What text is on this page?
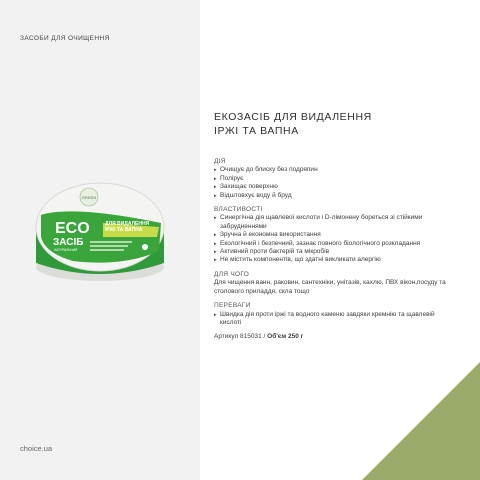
ЗАСОБИ ДЛЯ ОЧИЩЕННЯ
GREEN
ECO
ЗАСІБ
НАТУРАЛЬНИЙ
ДЛЯ ВИДАЛЕННЯ
ІРЖІ ТА ВАПНА
ЕКОЗАСІБ ДЛЯ ВИДАЛЕННЯ
ІРЖІ ТА ВАПНА
ДІЯ
▸ Очищує до блиску без подряпин
▸ Полірує
▸ Захищає поверхню
▸ Відштовхує воду й бруд
ВЛАСТИВОСТІ
▸ Синергічна дія щавлевої кислоти і D-лімонену бореться зі стійкими забрудненнями
▸ Зручна й економна використання
▸ Екологічний і безпечний, зазнає повного біологічного розкладання
▸ Активний проти бактерій та мікробів
▸ Не містить компонентів, що здатні викликати алергію
ДЛЯ ЧОГО
Для чищення ванн, раковин, сантехніки, унітазів, кахлю, ПВХ вікон,посуду та столового приладдя, скла тощо
ПЕРЕВАГИ
▸ Швидка дія проти іржі та водного каменю завдяки кремнію та щавлевій кислоті
Артикул 815031 / Об'єм 250 г
choice.ua	171
